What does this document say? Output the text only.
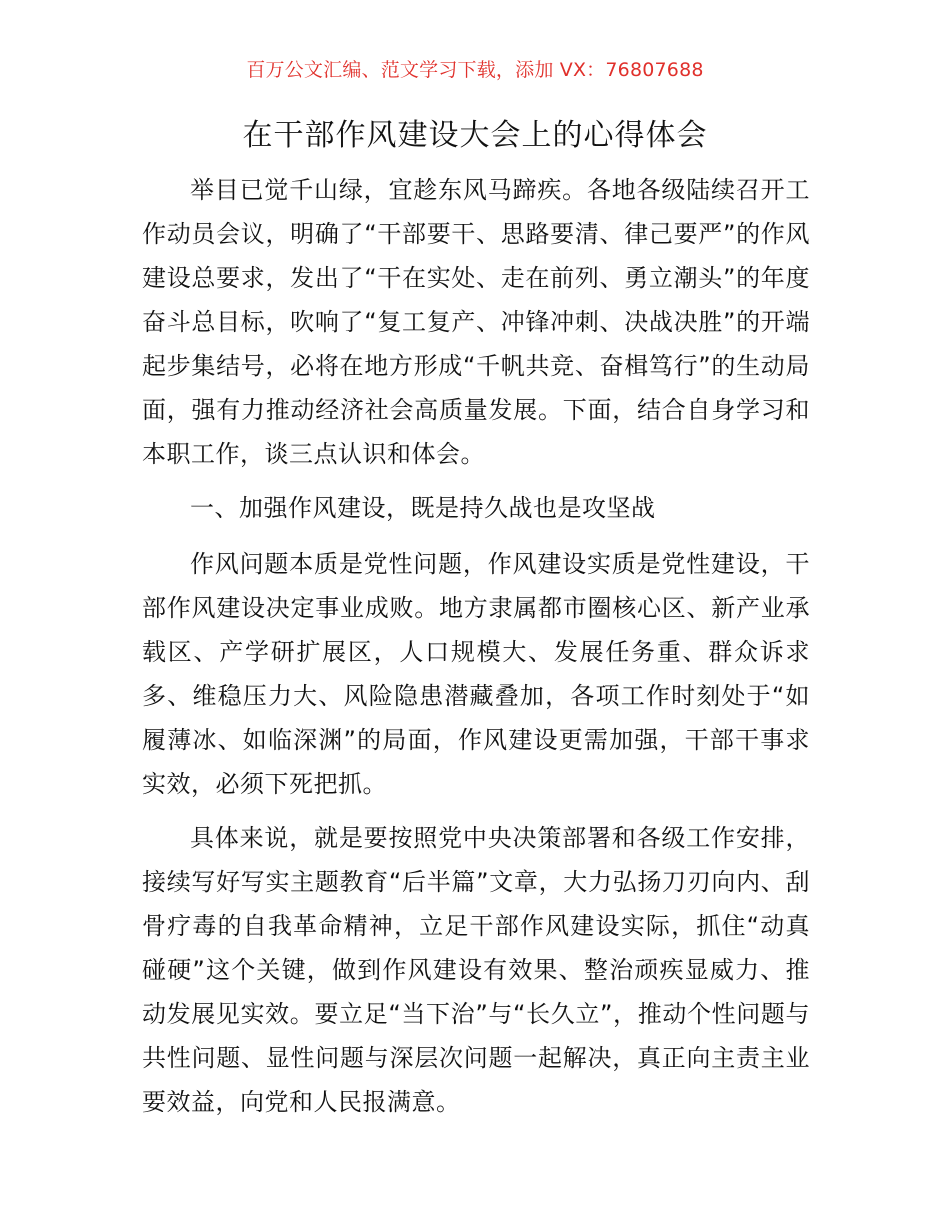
百万公文汇编、范文学习下载，添加 VX：76807688
在干部作风建设大会上的心得体会

举目已觉千山绿，宜趁东风马蹄疾。各地各级陆续召开工作动员会议，明确了“干部要干、思路要清、律己要严”的作风建设总要求，发出了“干在实处、走在前列、勇立潮头”的年度奋斗总目标，吹响了“复工复产、冲锋冲刺、决战决胜”的开端起步集结号，必将在地方形成“千帆共竞、奋楫笃行”的生动局面，强有力推动经济社会高质量发展。下面，结合自身学习和本职工作，谈三点认识和体会。

一、加强作风建设，既是持久战也是攻坚战

作风问题本质是党性问题，作风建设实质是党性建设，干部作风建设决定事业成败。地方隶属都市圈核心区、新产业承载区、产学研扩展区，人口规模大、发展任务重、群众诉求多、维稳压力大、风险隐患潜藏叠加，各项工作时刻处于“如履薄冰、如临深渊”的局面，作风建设更需加强，干部干事求实效，必须下死把抓。

具体来说，就是要按照党中央决策部署和各级工作安排，接续写好写实主题教育“后半篇”文章，大力弘扬刀刃向内、刮骨疗毒的自我革命精神，立足干部作风建设实际，抓住“动真碰硬”这个关键，做到作风建设有效果、整治顽疾显威力、推动发展见实效。要立足“当下治”与“长久立”，推动个性问题与共性问题、显性问题与深层次问题一起解决，真正向主责主业要效益，向党和人民报满意。
